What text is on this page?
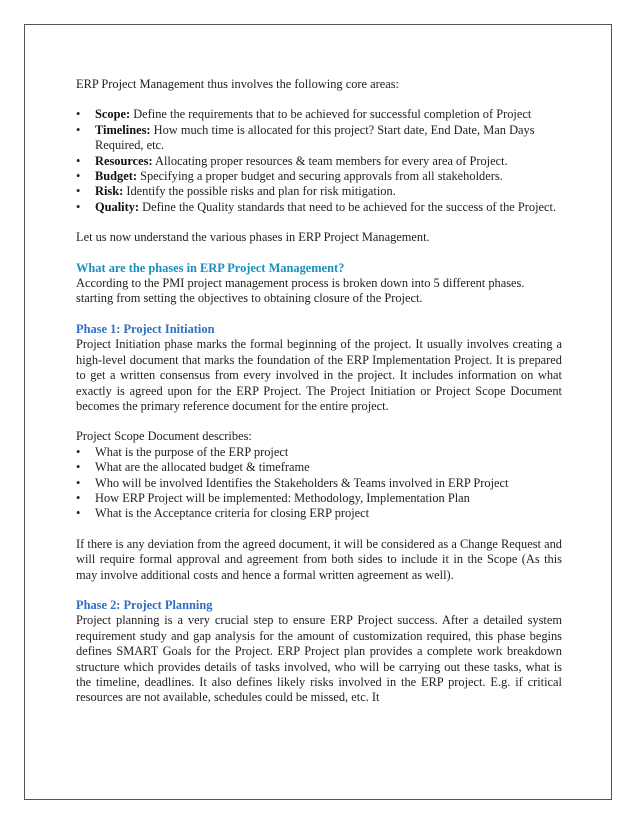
ERP Project Management thus involves the following core areas:

• Scope: Define the requirements that to be achieved for successful completion of Project
• Timelines: How much time is allocated for this project? Start date, End Date, Man Days Required, etc.
• Resources: Allocating proper resources & team members for every area of Project.
• Budget: Specifying a proper budget and securing approvals from all stakeholders.
• Risk: Identify the possible risks and plan for risk mitigation.
• Quality: Define the Quality standards that need to be achieved for the success of the Project.

Let us now understand the various phases in ERP Project Management.

What are the phases in ERP Project Management?

According to the PMI project management process is broken down into 5 different phases. starting from setting the objectives to obtaining closure of the Project.

Phase 1: Project Initiation

Project Initiation phase marks the formal beginning of the project. It usually involves creating a high-level document that marks the foundation of the ERP Implementation Project. It is prepared to get a written consensus from every involved in the project. It includes information on what exactly is agreed upon for the ERP Project. The Project Initiation or Project Scope Document becomes the primary reference document for the entire project.

Project Scope Document describes:

• What is the purpose of the ERP project
• What are the allocated budget & timeframe
• Who will be involved Identifies the Stakeholders & Teams involved in ERP Project
• How ERP Project will be implemented: Methodology, Implementation Plan
• What is the Acceptance criteria for closing ERP project

If there is any deviation from the agreed document, it will be considered as a Change Request and will require formal approval and agreement from both sides to include it in the Scope (As this may involve additional costs and hence a formal written agreement as well).

Phase 2: Project Planning

Project planning is a very crucial step to ensure ERP Project success. After a detailed system requirement study and gap analysis for the amount of customization required, this phase begins defines SMART Goals for the Project. ERP Project plan provides a complete work breakdown structure which provides details of tasks involved, who will be carrying out these tasks, what is the timeline, deadlines. It also defines likely risks involved in the ERP project. E.g. if critical resources are not available, schedules could be missed, etc. It
